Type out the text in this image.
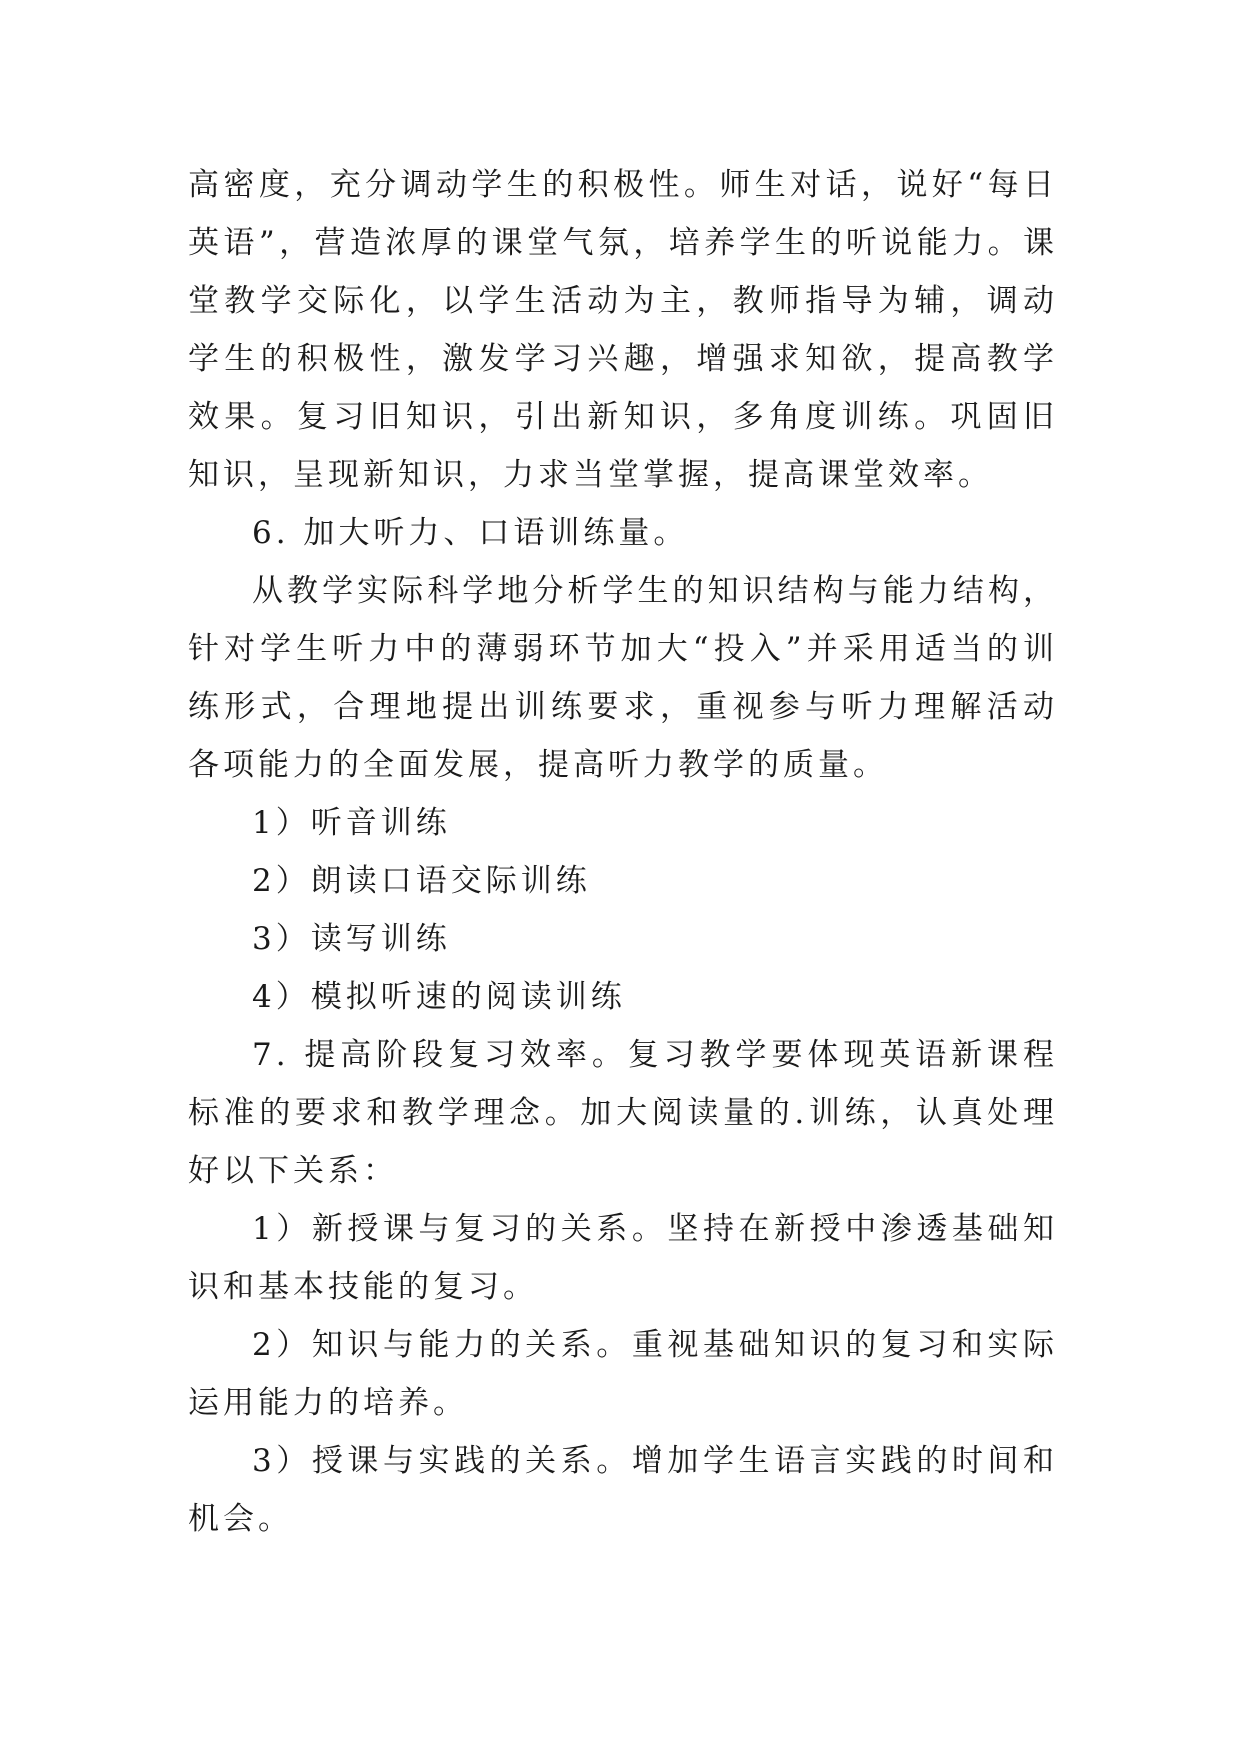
高密度，充分调动学生的积极性。师生对话，说好“每日英语”，营造浓厚的课堂气氛，培养学生的听说能力。课堂教学交际化，以学生活动为主，教师指导为辅，调动学生的积极性，激发学习兴趣，增强求知欲，提高教学效果。复习旧知识，引出新知识，多角度训练。巩固旧知识，呈现新知识，力求当堂掌握，提高课堂效率。

6. 加大听力、口语训练量。

从教学实际科学地分析学生的知识结构与能力结构，针对学生听力中的薄弱环节加大“投入”并采用适当的训练形式，合理地提出训练要求，重视参与听力理解活动各项能力的全面发展，提高听力教学的质量。

1）听音训练

2）朗读口语交际训练

3）读写训练

4）模拟听速的阅读训练

7. 提高阶段复习效率。复习教学要体现英语新课程标准的要求和教学理念。加大阅读量的.训练，认真处理好以下关系：

1）新授课与复习的关系。坚持在新授中渗透基础知识和基本技能的复习。

2）知识与能力的关系。重视基础知识的复习和实际运用能力的培养。

3）授课与实践的关系。增加学生语言实践的时间和机会。
